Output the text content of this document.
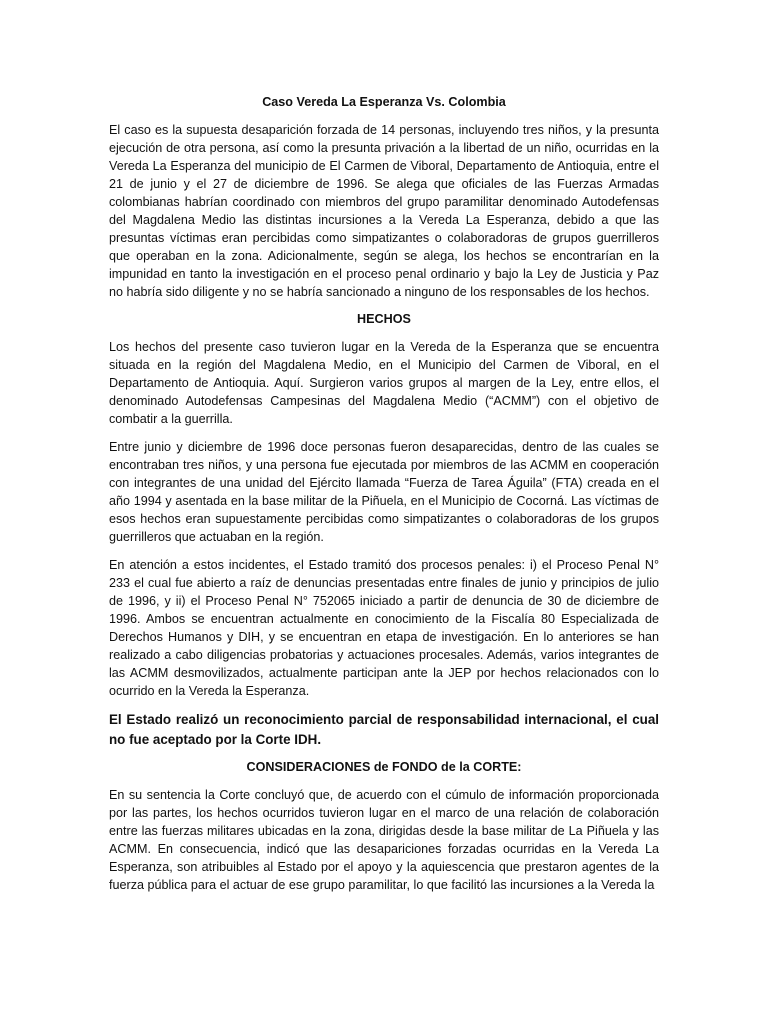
Caso Vereda La Esperanza Vs. Colombia

El caso es la supuesta desaparición forzada de 14 personas, incluyendo tres niños, y la presunta ejecución de otra persona, así como la presunta privación a la libertad de un niño, ocurridas en la Vereda La Esperanza del municipio de El Carmen de Viboral, Departamento de Antioquia, entre el 21 de junio y el 27 de diciembre de 1996. Se alega que oficiales de las Fuerzas Armadas colombianas habrían coordinado con miembros del grupo paramilitar denominado Autodefensas del Magdalena Medio las distintas incursiones a la Vereda La Esperanza, debido a que las presuntas víctimas eran percibidas como simpatizantes o colaboradoras de grupos guerrilleros que operaban en la zona. Adicionalmente, según se alega, los hechos se encontrarían en la impunidad en tanto la investigación en el proceso penal ordinario y bajo la Ley de Justicia y Paz no habría sido diligente y no se habría sancionado a ninguno de los responsables de los hechos.

HECHOS

Los hechos del presente caso tuvieron lugar en la Vereda de la Esperanza que se encuentra situada en la región del Magdalena Medio, en el Municipio del Carmen de Viboral, en el Departamento de Antioquia. Aquí. Surgieron varios grupos al margen de la Ley, entre ellos, el denominado Autodefensas Campesinas del Magdalena Medio (“ACMM”) con el objetivo de combatir a la guerrilla.

Entre junio y diciembre de 1996 doce personas fueron desaparecidas, dentro de las cuales se encontraban tres niños, y una persona fue ejecutada por miembros de las ACMM en cooperación con integrantes de una unidad del Ejército llamada “Fuerza de Tarea Águila” (FTA) creada en el año 1994 y asentada en la base militar de la Piñuela, en el Municipio de Cocorná. Las víctimas de esos hechos eran supuestamente percibidas como simpatizantes o colaboradoras de los grupos guerrilleros que actuaban en la región.

En atención a estos incidentes, el Estado tramitó dos procesos penales: i) el Proceso Penal N° 233 el cual fue abierto a raíz de denuncias presentadas entre finales de junio y principios de julio de 1996, y ii) el Proceso Penal N° 752065 iniciado a partir de denuncia de 30 de diciembre de 1996. Ambos se encuentran actualmente en conocimiento de la Fiscalía 80 Especializada de Derechos Humanos y DIH, y se encuentran en etapa de investigación. En lo anteriores se han realizado a cabo diligencias probatorias y actuaciones procesales. Además, varios integrantes de las ACMM desmovilizados, actualmente participan ante la JEP por hechos relacionados con lo ocurrido en la Vereda la Esperanza.

El Estado realizó un reconocimiento parcial de responsabilidad internacional, el cual no fue aceptado por la Corte IDH.

CONSIDERACIONES de FONDO de la CORTE:

En su sentencia la Corte concluyó que, de acuerdo con el cúmulo de información proporcionada por las partes, los hechos ocurridos tuvieron lugar en el marco de una relación de colaboración entre las fuerzas militares ubicadas en la zona, dirigidas desde la base militar de La Piñuela y las ACMM. En consecuencia, indicó que las desapariciones forzadas ocurridas en la Vereda La Esperanza, son atribuibles al Estado por el apoyo y la aquiescencia que prestaron agentes de la fuerza pública para el actuar de ese grupo paramilitar, lo que facilitó las incursiones a la Vereda la
